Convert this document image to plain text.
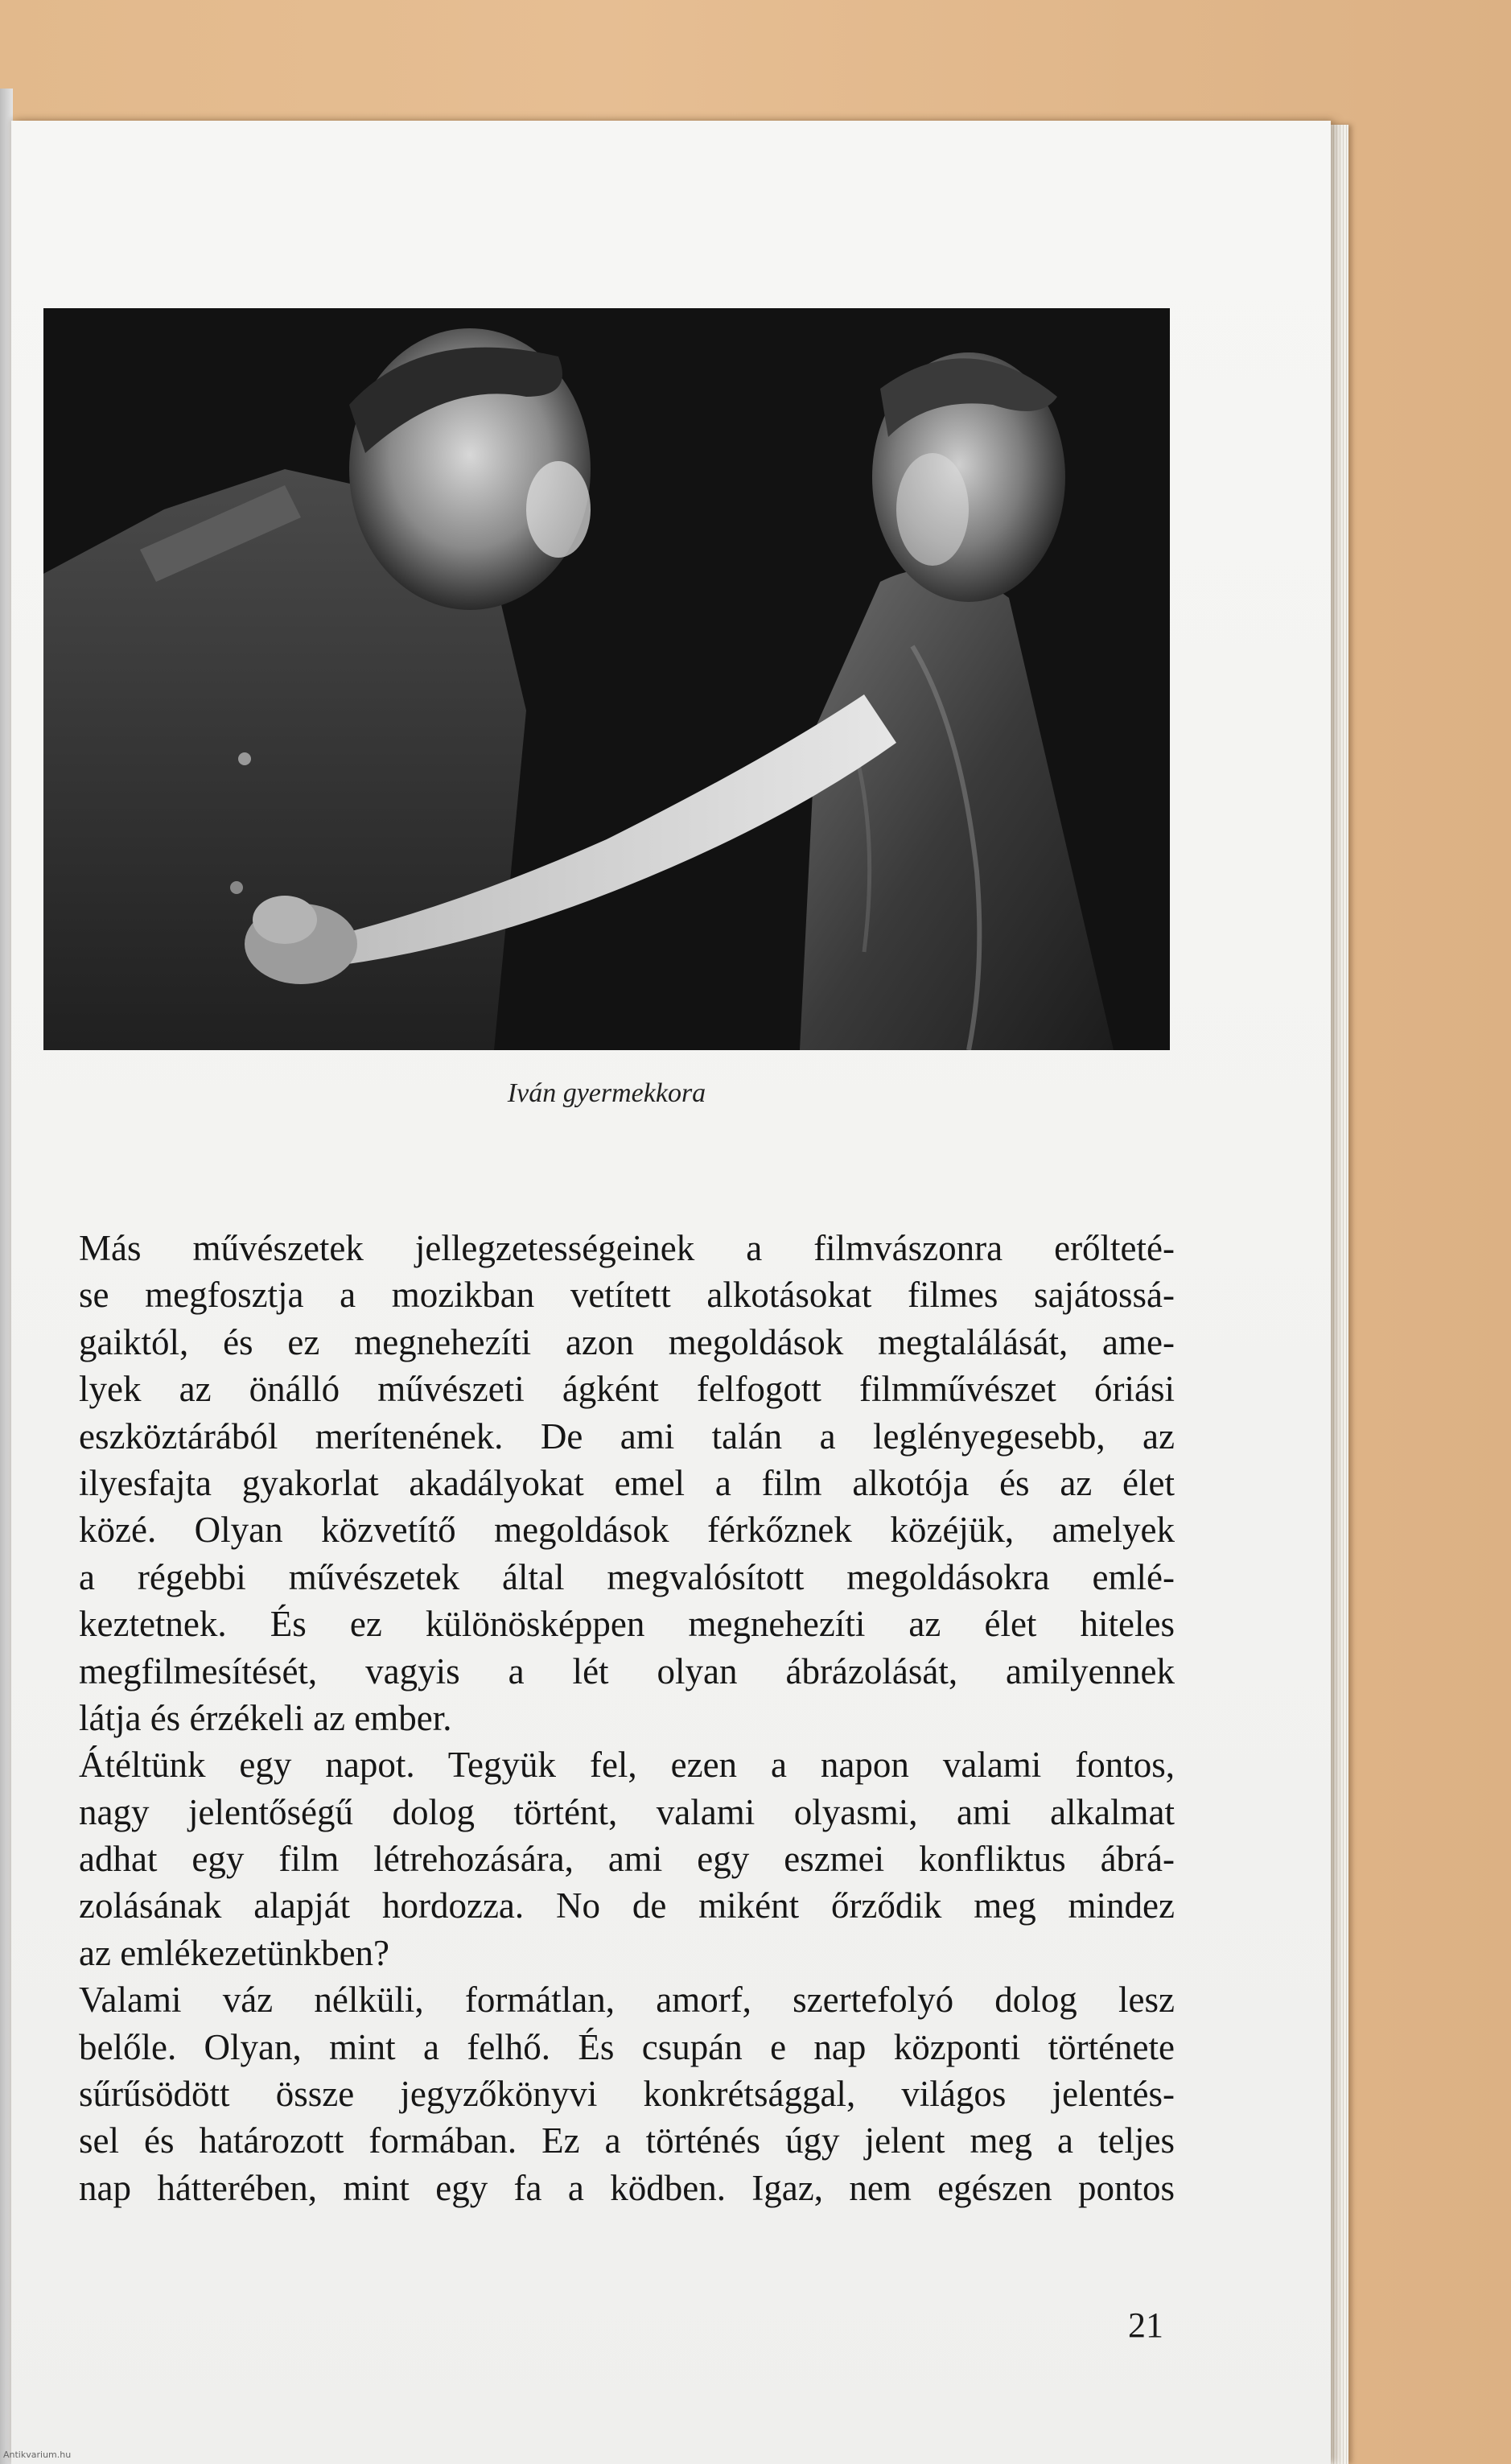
Iván gyermekkora
Más művészetek jellegzetességeinek a filmvászonra erőlteté-
se megfosztja a mozikban vetített alkotásokat filmes sajátossá-
gaiktól, és ez megnehezíti azon megoldások megtalálását, ame-
lyek az önálló művészeti ágként felfogott filmművészet óriási
eszköztárából merítenének. De ami talán a leglényegesebb, az
ilyesfajta gyakorlat akadályokat emel a film alkotója és az élet
közé. Olyan közvetítő megoldások férkőznek közéjük, amelyek
a régebbi művészetek által megvalósított megoldásokra emlé-
keztetnek. És ez különösképpen megnehezíti az élet hiteles
megfilmesítését, vagyis a lét olyan ábrázolását, amilyennek
látja és érzékeli az ember.
Átéltünk egy napot. Tegyük fel, ezen a napon valami fontos,
nagy jelentőségű dolog történt, valami olyasmi, ami alkalmat
adhat egy film létrehozására, ami egy eszmei konfliktus ábrá-
zolásának alapját hordozza. No de miként őrződik meg mindez
az emlékezetünkben?
Valami váz nélküli, formátlan, amorf, szertefolyó dolog lesz
belőle. Olyan, mint a felhő. És csupán e nap központi története
sűrűsödött össze jegyzőkönyvi konkrétsággal, világos jelentés-
sel és határozott formában. Ez a történés úgy jelent meg a teljes
nap hátterében, mint egy fa a ködben. Igaz, nem egészen pontos
21
Antikvarium.hu
